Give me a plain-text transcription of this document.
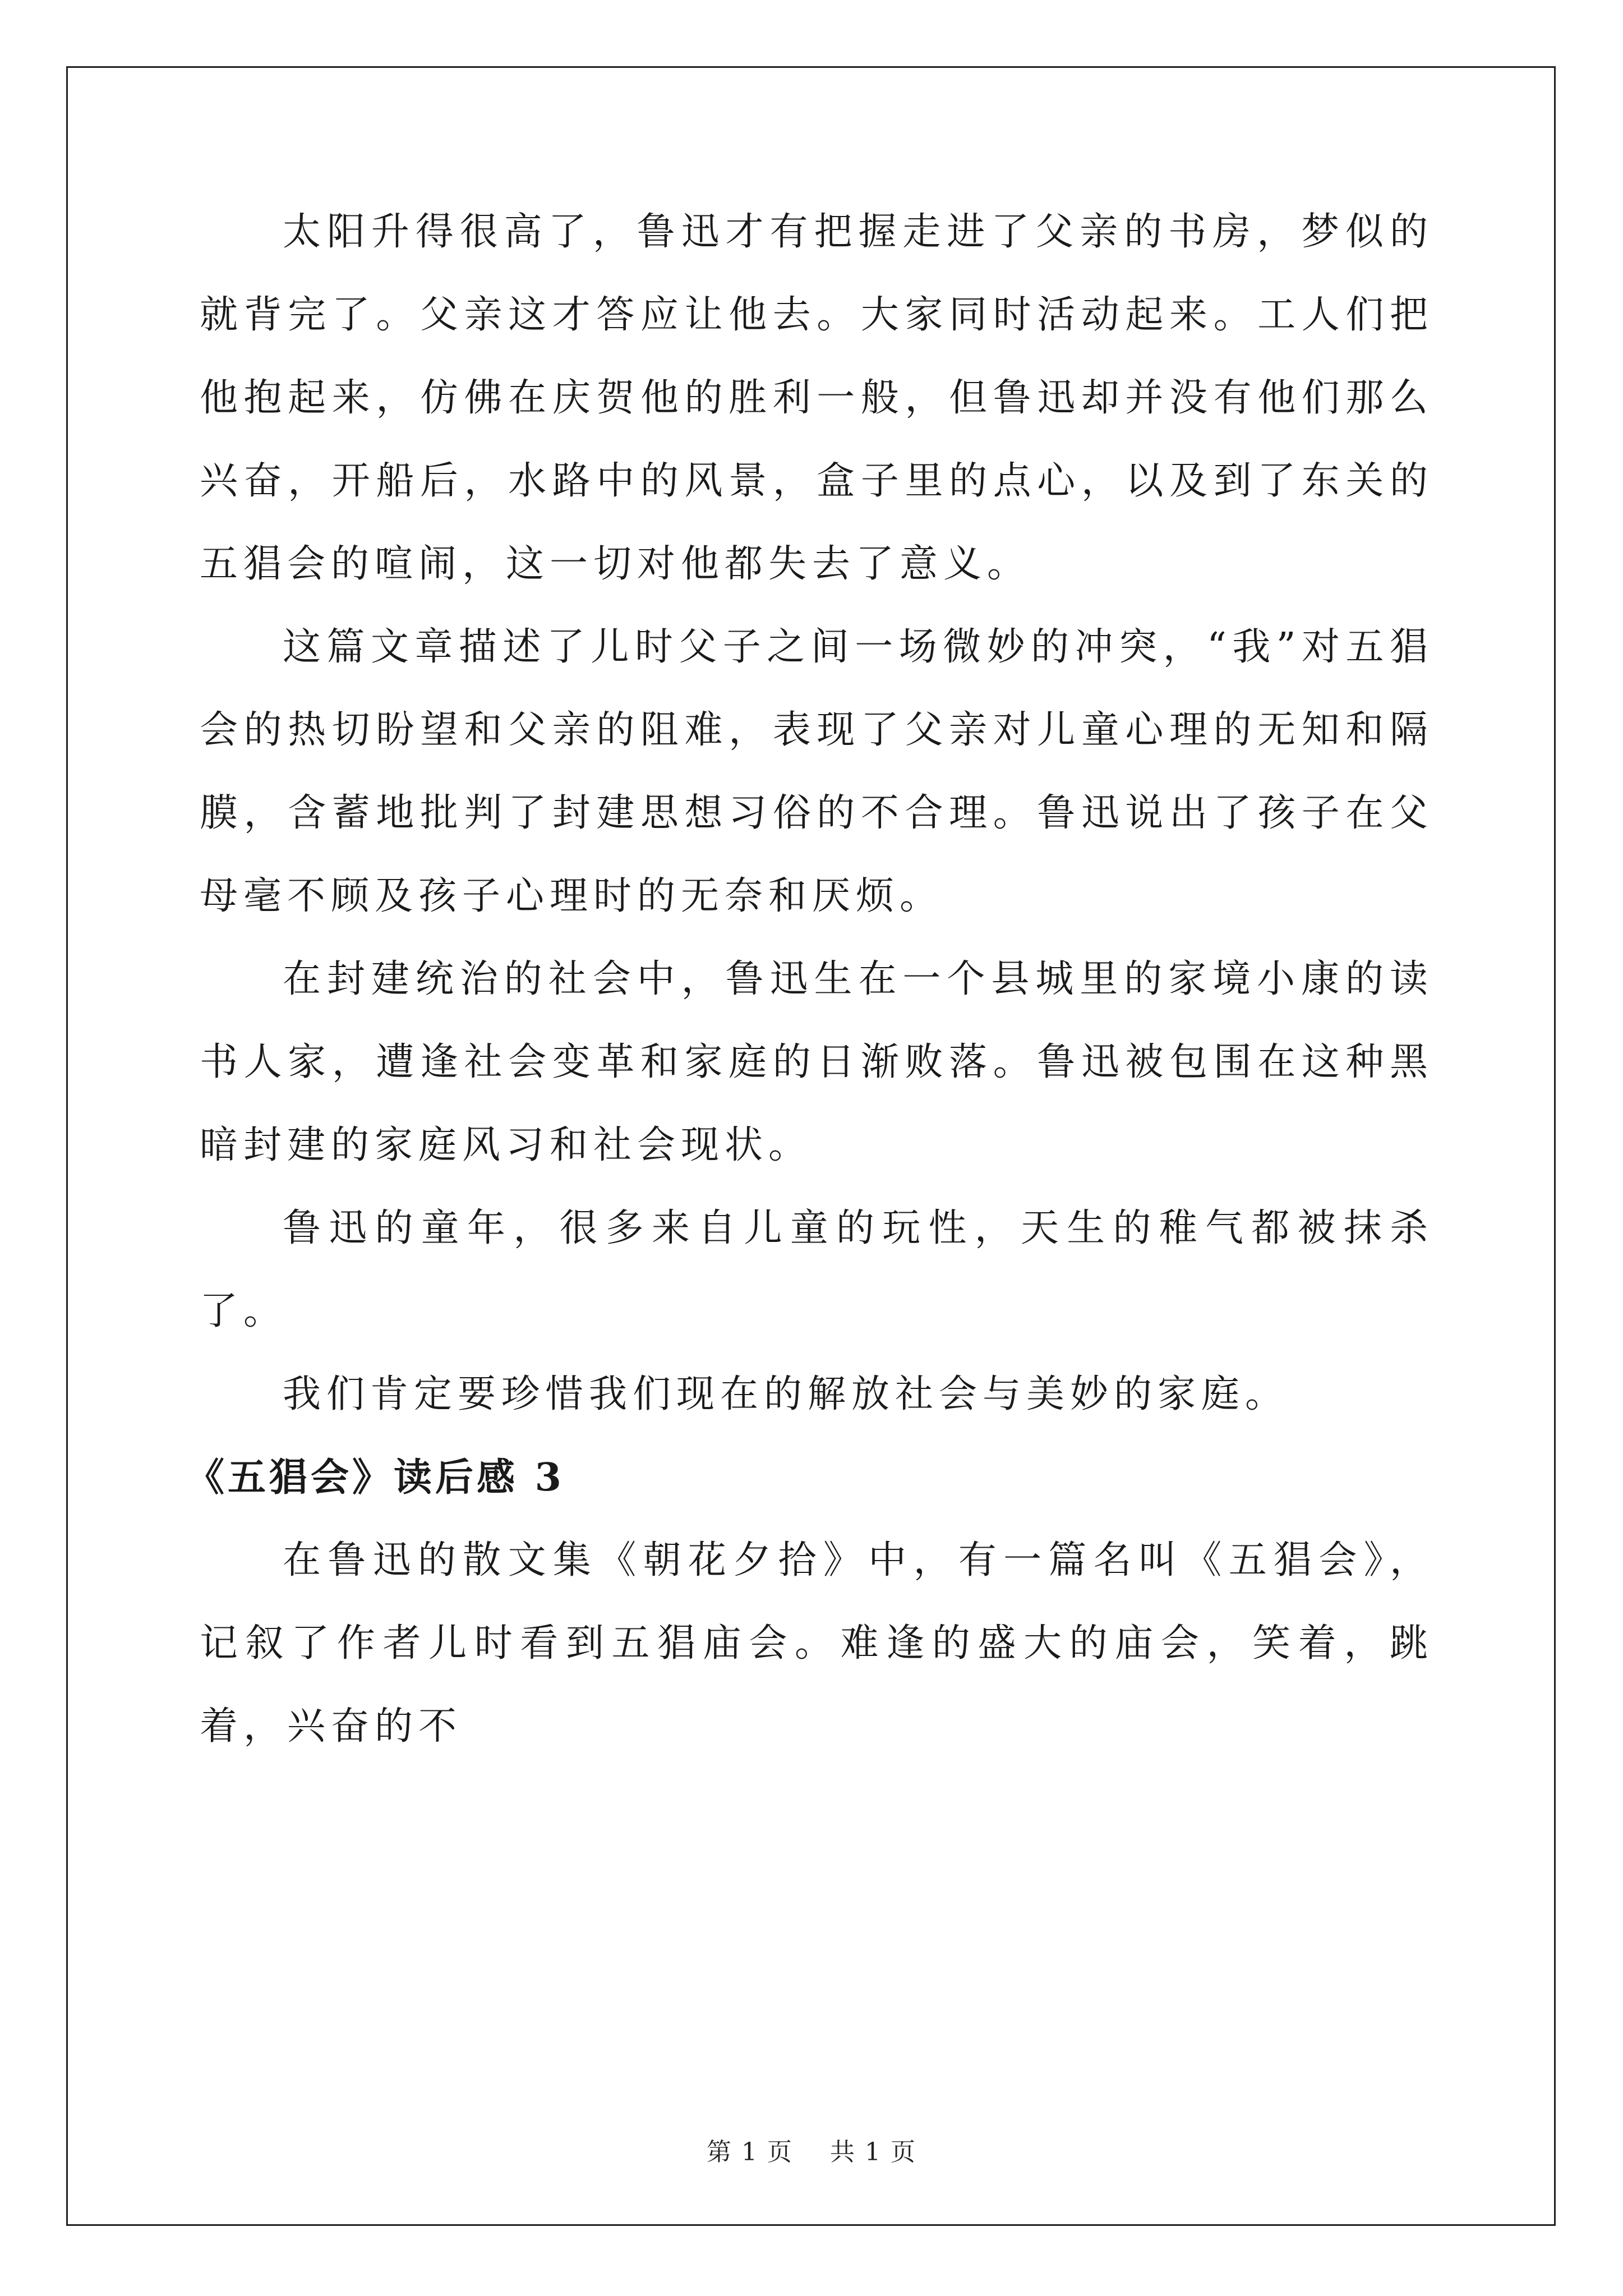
太阳升得很高了，鲁迅才有把握走进了父亲的书房，梦似的就背完了。父亲这才答应让他去。大家同时活动起来。工人们把他抱起来，仿佛在庆贺他的胜利一般，但鲁迅却并没有他们那么兴奋，开船后，水路中的风景，盒子里的点心，以及到了东关的五猖会的喧闹，这一切对他都失去了意义。

这篇文章描述了儿时父子之间一场微妙的冲突，“我”对五猖会的热切盼望和父亲的阻难，表现了父亲对儿童心理的无知和隔膜，含蓄地批判了封建思想习俗的不合理。鲁迅说出了孩子在父母毫不顾及孩子心理时的无奈和厌烦。

在封建统治的社会中，鲁迅生在一个县城里的家境小康的读书人家，遭逢社会变革和家庭的日渐败落。鲁迅被包围在这种黑暗封建的家庭风习和社会现状。

鲁迅的童年，很多来自儿童的玩性，天生的稚气都被抹杀了。

我们肯定要珍惜我们现在的解放社会与美妙的家庭。

《五猖会》读后感 3

在鲁迅的散文集《朝花夕拾》中，有一篇名叫《五猖会》，记叙了作者儿时看到五猖庙会。难逢的盛大的庙会，笑着，跳着，兴奋的不

第 1 页 共 1 页
